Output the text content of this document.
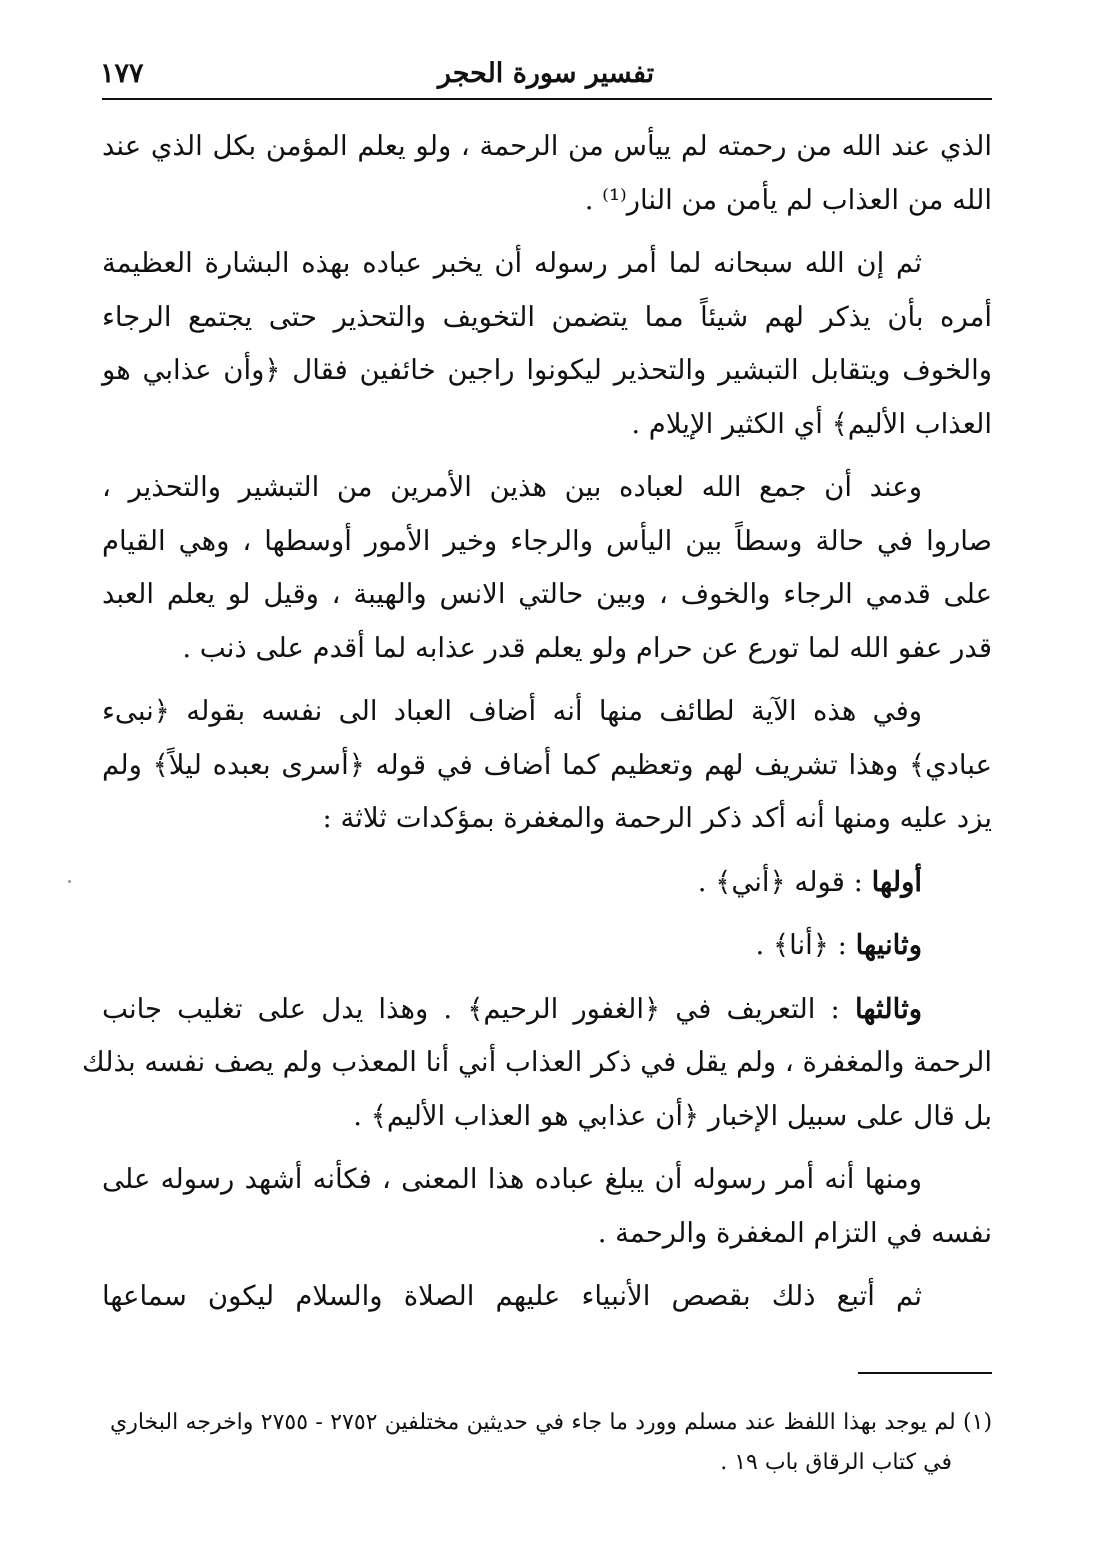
تفسير سورة الحجر
١٧٧
الذي عند الله من رحمته لم ييأس من الرحمة ، ولو يعلم المؤمن بكل الذي عند
الله من العذاب لم يأمن من النار⁽¹⁾ .
ثم إن الله سبحانه لما أمر رسوله أن يخبر عباده بهذه البشارة العظيمة
أمره بأن يذكر لهم شيئاً مما يتضمن التخويف والتحذير حتى يجتمع الرجاء
والخوف ويتقابل التبشير والتحذير ليكونوا راجين خائفين فقال ﴿وأن عذابي هو
العذاب الأليم﴾ أي الكثير الإيلام .
وعند أن جمع الله لعباده بين هذين الأمرين من التبشير والتحذير ،
صاروا في حالة وسطاً بين اليأس والرجاء وخير الأمور أوسطها ، وهي القيام
على قدمي الرجاء والخوف ، وبين حالتي الانس والهيبة ، وقيل لو يعلم العبد
قدر عفو الله لما تورع عن حرام ولو يعلم قدر عذابه لما أقدم على ذنب .
وفي هذه الآية لطائف منها أنه أضاف العباد الى نفسه بقوله ﴿نبىء
عبادي﴾ وهذا تشريف لهم وتعظيم كما أضاف في قوله ﴿أسرى بعبده ليلاً﴾ ولم
يزد عليه ومنها أنه أكد ذكر الرحمة والمغفرة بمؤكدات ثلاثة :
أولها : قوله ﴿أني﴾ .
وثانيها : ﴿أنا﴾ .
وثالثها : التعريف في ﴿الغفور الرحيم﴾ . وهذا يدل على تغليب جانب
الرحمة والمغفرة ، ولم يقل في ذكر العذاب أني أنا المعذب ولم يصف نفسه بذلك
بل قال على سبيل الإخبار ﴿أن عذابي هو العذاب الأليم﴾ .
ومنها أنه أمر رسوله أن يبلغ عباده هذا المعنى ، فكأنه أشهد رسوله على
نفسه في التزام المغفرة والرحمة .
ثم أتبع ذلك بقصص الأنبياء عليهم الصلاة والسلام ليكون سماعها
(١) لم يوجد بهذا اللفظ عند مسلم وورد ما جاء في حديثين مختلفين ٢٧٥٢ - ٢٧٥٥ واخرجه البخاري
في كتاب الرقاق باب ١٩ .
